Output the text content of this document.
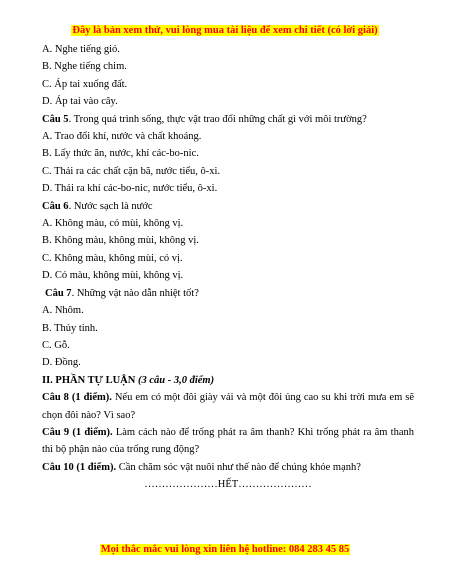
Đây là bản xem thử, vui lòng mua tài liệu để xem chi tiết (có lời giải)
A. Nghe tiếng gió.
B. Nghe tiếng chim.
C. Áp tai xuống đất.
D. Áp tai vào cây.
Câu 5. Trong quá trình sống, thực vật trao đổi những chất gì với môi trường?
A. Trao đổi khí, nước và chất khoáng.
B. Lấy thức ăn, nước, khí các-bo-nic.
C. Thải ra các chất cặn bã, nước tiểu, ô-xi.
D. Thải ra khí các-bo-nic, nước tiểu, ô-xi.
Câu 6. Nước sạch là nước
A. Không màu, có mùi, không vị.
B. Không màu, không mùi, không vị.
C. Không màu, không mùi, có vị.
D. Có màu, không mùi, không vị.
Câu 7. Những vật nào dẫn nhiệt tốt?
A. Nhôm.
B. Thủy tinh.
C. Gỗ.
D. Đồng.
II. PHẦN TỰ LUẬN (3 câu - 3,0 điểm)
Câu 8 (1 điểm). Nếu em có một đôi giày vải và một đôi ủng cao su khi trời mưa em sẽ chọn đôi nào? Vì sao?
Câu 9 (1 điểm). Làm cách nào để trống phát ra âm thanh? Khi trống phát ra âm thanh thì bộ phận nào của trống rung động?
Câu 10 (1 điểm). Cần chăm sóc vật nuôi như thế nào để chúng khỏe mạnh?
…………………HẾT…………………
Mọi thắc mắc vui lòng xin liên hệ hotline: 084 283 45 85
